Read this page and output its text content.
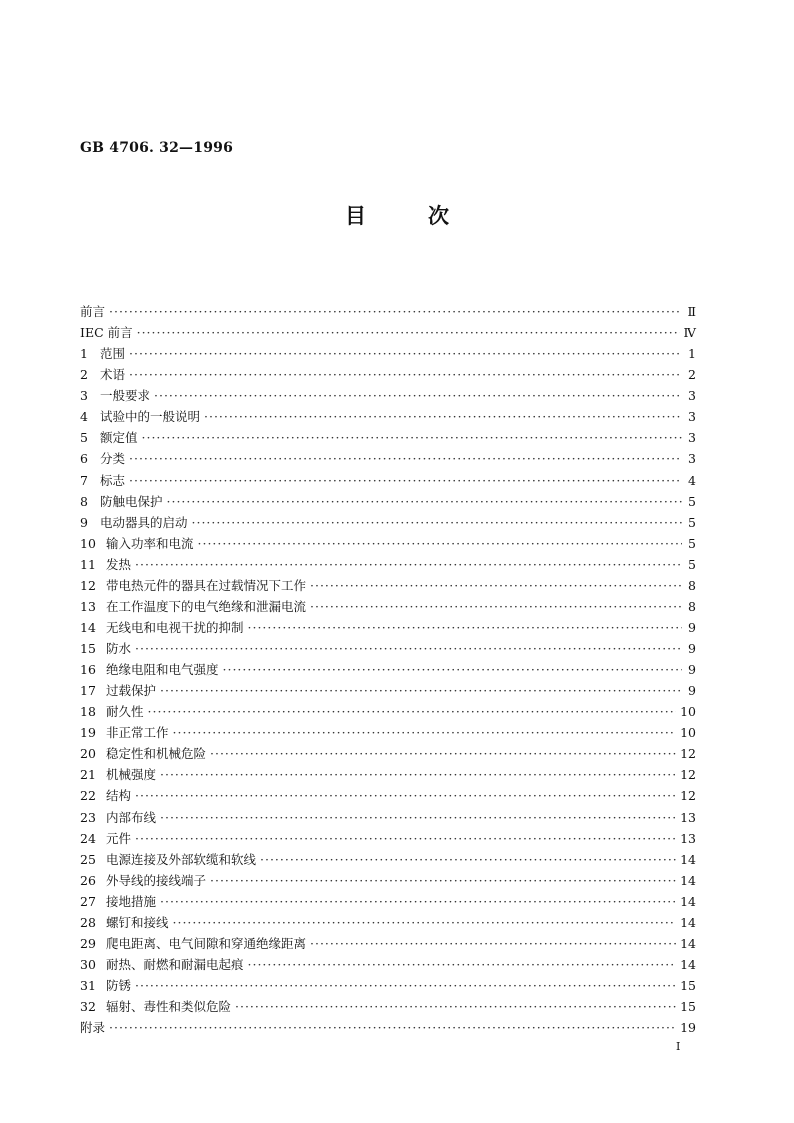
GB 4706. 32—1996
目	次
前言 ·····	Ⅱ
IEC 前言 ·····	Ⅳ
1 范围 ·····	1
2 术语 ·····	2
3 一般要求 ·····	3
4 试验中的一般说明 ·····	3
5 额定值 ·····	3
6 分类 ·····	3
7 标志 ·····	4
8 防触电保护 ·····	5
9 电动器具的启动 ·····	5
10 输入功率和电流 ·····	5
11 发热 ·····	5
12 带电热元件的器具在过载情况下工作 ·····	8
13 在工作温度下的电气绝缘和泄漏电流 ·····	8
14 无线电和电视干扰的抑制 ·····	9
15 防水 ·····	9
16 绝缘电阻和电气强度 ·····	9
17 过载保护 ·····	9
18 耐久性 ·····	10
19 非正常工作 ·····	10
20 稳定性和机械危险 ·····	12
21 机械强度 ·····	12
22 结构 ·····	12
23 内部布线 ·····	13
24 元件 ·····	13
25 电源连接及外部软缆和软线 ·····	14
26 外导线的接线端子 ·····	14
27 接地措施 ·····	14
28 螺钉和接线 ·····	14
29 爬电距离、电气间隙和穿通绝缘距离 ·····	14
30 耐热、耐燃和耐漏电起痕 ·····	14
31 防锈 ·····	15
32 辐射、毒性和类似危险 ·····	15
附录 ·····	19
I
